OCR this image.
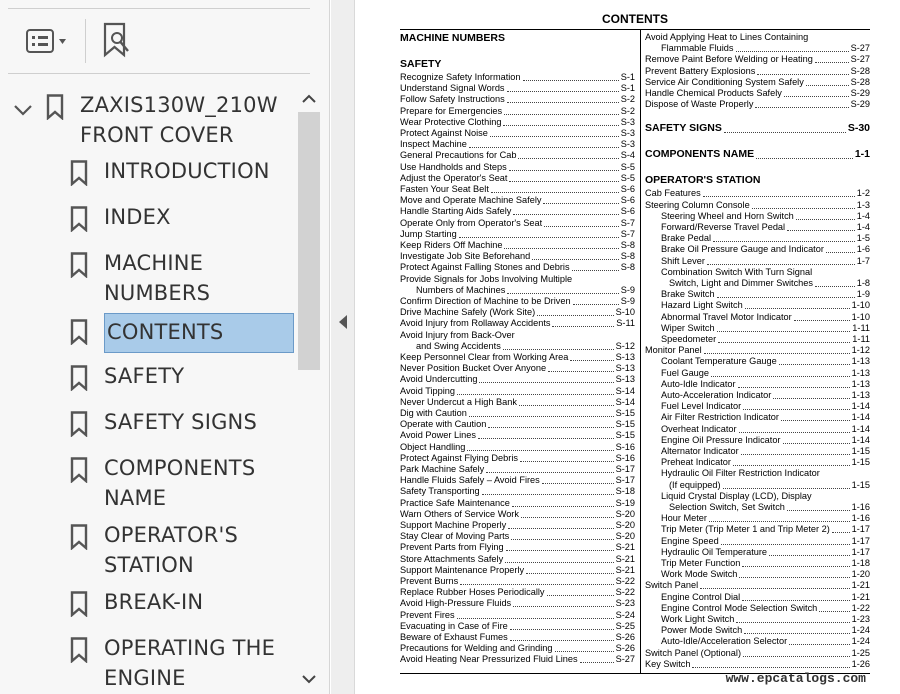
ZAXIS130W_210W
FRONT COVER
INTRODUCTION
INDEX
MACHINE
NUMBERS
CONTENTS
SAFETY
SAFETY SIGNS
COMPONENTS
NAME
OPERATOR'S
STATION
BREAK-IN
OPERATING THE
ENGINE
CONTENTS
MACHINE NUMBERS
SAFETY
Recognize Safety Information	S-1
Understand Signal Words	S-1
Follow Safety Instructions	S-2
Prepare for Emergencies	S-2
Wear Protective Clothing	S-3
Protect Against Noise	S-3
Inspect Machine	S-3
General Precautions for Cab	S-4
Use Handholds and Steps	S-5
Adjust the Operator's Seat	S-5
Fasten Your Seat Belt	S-6
Move and Operate Machine Safely	S-6
Handle Starting Aids Safely	S-6
Operate Only from Operator's Seat	S-7
Jump Starting	S-7
Keep Riders Off Machine	S-8
Investigate Job Site Beforehand	S-8
Protect Against Falling Stones and Debris	S-8
Provide Signals for Jobs Involving Multiple
Numbers of Machines	S-9
Confirm Direction of Machine to be Driven	S-9
Drive Machine Safely (Work Site)	S-10
Avoid Injury from Rollaway Accidents	S-11
Avoid Injury from Back-Over
and Swing Accidents	S-12
Keep Personnel Clear from Working Area	S-13
Never Position Bucket Over Anyone	S-13
Avoid Undercutting	S-13
Avoid Tipping	S-14
Never Undercut a High Bank	S-14
Dig with Caution	S-15
Operate with Caution	S-15
Avoid Power Lines	S-15
Object Handling	S-16
Protect Against Flying Debris	S-16
Park Machine Safely	S-17
Handle Fluids Safely – Avoid Fires	S-17
Safety Transporting	S-18
Practice Safe Maintenance	S-19
Warn Others of Service Work	S-20
Support Machine Properly	S-20
Stay Clear of Moving Parts	S-20
Prevent Parts from Flying	S-21
Store Attachments Safely	S-21
Support Maintenance Properly	S-21
Prevent Burns	S-22
Replace Rubber Hoses Periodically	S-22
Avoid High-Pressure Fluids	S-23
Prevent Fires	S-24
Evacuating in Case of Fire	S-25
Beware of Exhaust Fumes	S-26
Precautions for Welding and Grinding	S-26
Avoid Heating Near Pressurized Fluid Lines	S-27
Avoid Applying Heat to Lines Containing
Flammable Fluids	S-27
Remove Paint Before Welding or Heating	S-27
Prevent Battery Explosions	S-28
Service Air Conditioning System Safely	S-28
Handle Chemical Products Safely	S-29
Dispose of Waste Properly	S-29
SAFETY SIGNS	S-30
COMPONENTS NAME	1-1
OPERATOR'S STATION
Cab Features	1-2
Steering Column Console	1-3
Steering Wheel and Horn Switch	1-4
Forward/Reverse Travel Pedal	1-4
Brake Pedal	1-5
Brake Oil Pressure Gauge and Indicator	1-6
Shift Lever	1-7
Combination Switch With Turn Signal
Switch, Light and Dimmer Switches	1-8
Brake Switch	1-9
Hazard Light Switch	1-10
Abnormal Travel Motor Indicator	1-10
Wiper Switch	1-11
Speedometer	1-11
Monitor Panel	1-12
Coolant Temperature Gauge	1-13
Fuel Gauge	1-13
Auto-Idle Indicator	1-13
Auto-Acceleration Indicator	1-13
Fuel Level Indicator	1-14
Air Filter Restriction Indicator	1-14
Overheat Indicator	1-14
Engine Oil Pressure Indicator	1-14
Alternator Indicator	1-15
Preheat Indicator	1-15
Hydraulic Oil Filter Restriction Indicator
(If equipped)	1-15
Liquid Crystal Display (LCD), Display
Selection Switch, Set Switch	1-16
Hour Meter	1-16
Trip Meter (Trip Meter 1 and Trip Meter 2) 1-17
Engine Speed	1-17
Hydraulic Oil Temperature	1-17
Trip Meter Function	1-18
Work Mode Switch	1-20
Switch Panel	1-21
Engine Control Dial	1-21
Engine Control Mode Selection Switch	1-22
Work Light Switch	1-23
Power Mode Switch	1-24
Auto-Idle/Acceleration Selector	1-24
Switch Panel (Optional)	1-25
Key Switch	1-26
www.epcatalogs.com
